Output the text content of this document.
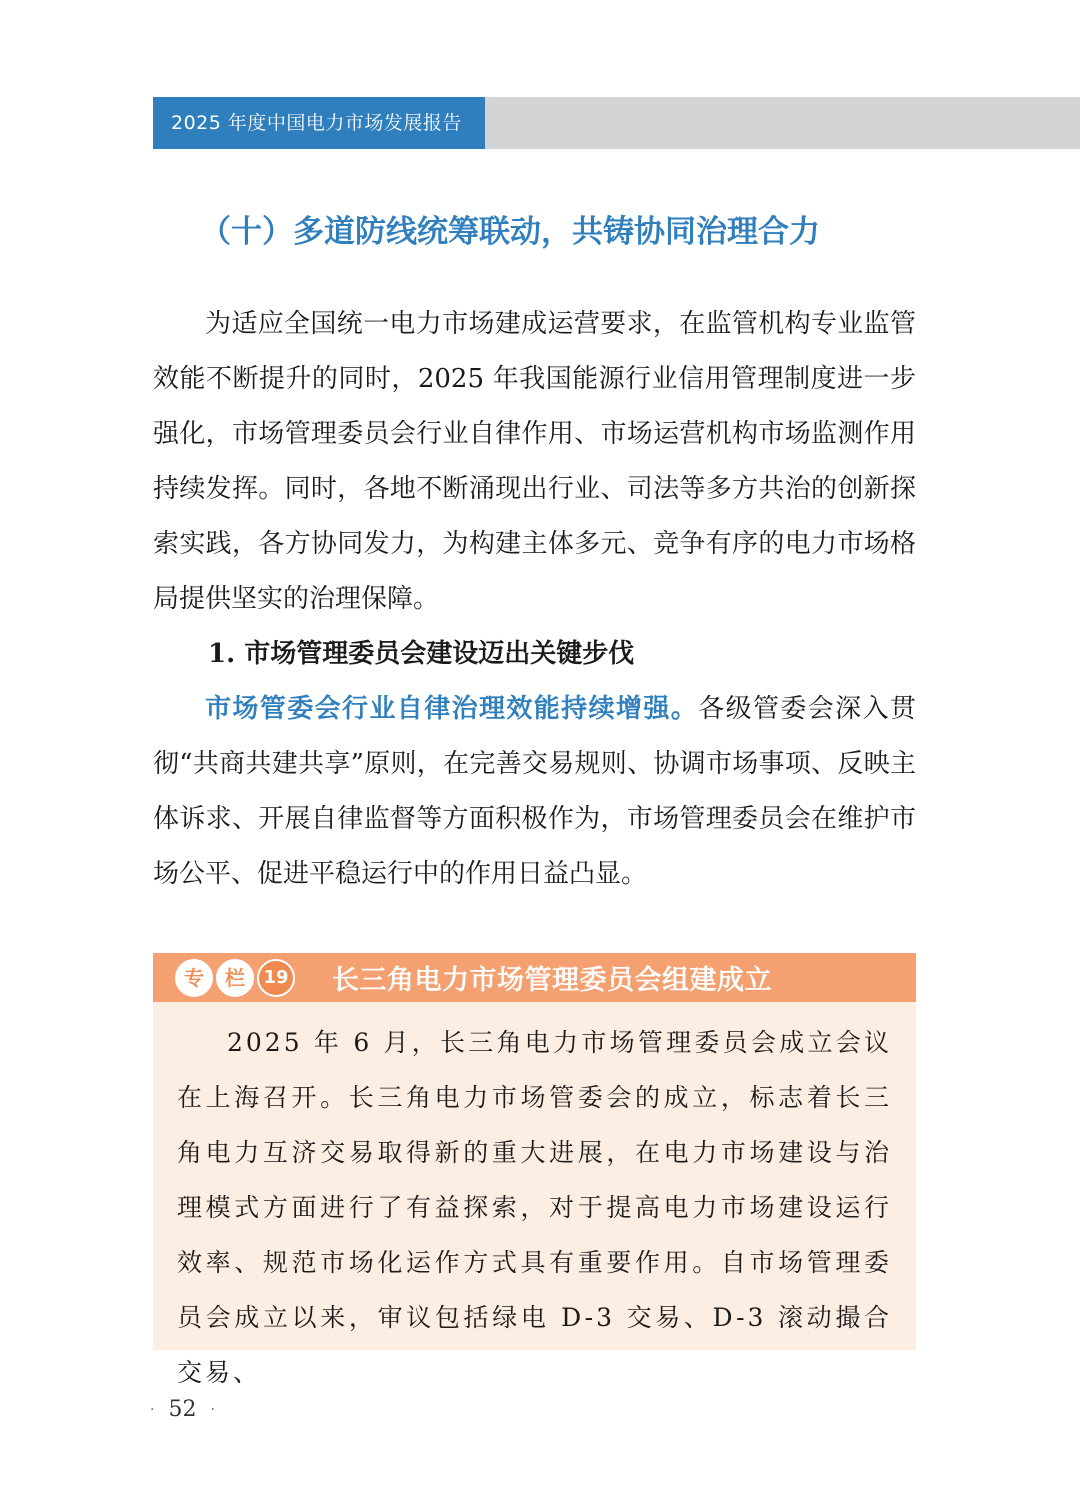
2025 年度中国电力市场发展报告
（十）多道防线统筹联动，共铸协同治理合力
为适应全国统一电力市场建成运营要求，在监管机构专业监管效能不断提升的同时，2025 年我国能源行业信用管理制度进一步强化，市场管理委员会行业自律作用、市场运营机构市场监测作用持续发挥。同时，各地不断涌现出行业、司法等多方共治的创新探索实践，各方协同发力，为构建主体多元、竞争有序的电力市场格局提供坚实的治理保障。
1. 市场管理委员会建设迈出关键步伐
市场管委会行业自律治理效能持续增强。各级管委会深入贯彻“共商共建共享”原则，在完善交易规则、协调市场事项、反映主体诉求、开展自律监督等方面积极作为，市场管理委员会在维护市场公平、促进平稳运行中的作用日益凸显。
专	栏	19 长三角电力市场管理委员会组建成立
2025 年 6 月，长三角电力市场管理委员会成立会议在上海召开。长三角电力市场管委会的成立，标志着长三角电力互济交易取得新的重大进展，在电力市场建设与治理模式方面进行了有益探索，对于提高电力市场建设运行效率、规范市场化运作方式具有重要作用。自市场管理委员会成立以来，审议包括绿电 D-3 交易、D-3 滚动撮合交易、
· 52 ·
